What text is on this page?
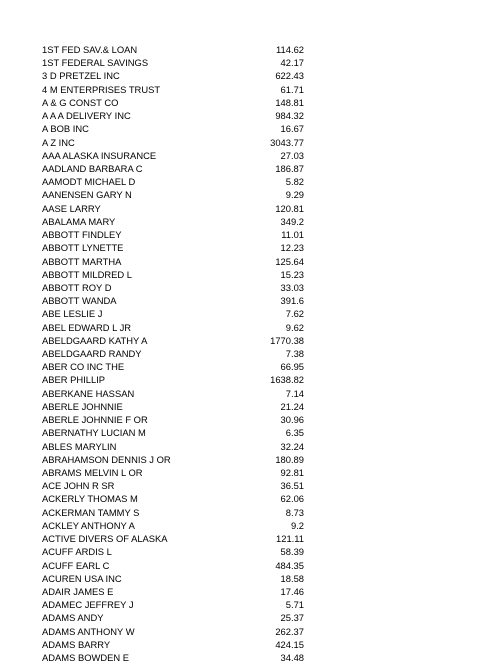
1ST FED SAV.& LOAN	114.62
1ST FEDERAL SAVINGS	42.17
3 D PRETZEL INC	622.43
4 M ENTERPRISES TRUST	61.71
A & G CONST CO	148.81
A A A DELIVERY INC	984.32
A BOB INC	16.67
A Z INC	3043.77
AAA ALASKA INSURANCE	27.03
AADLAND BARBARA C	186.87
AAMODT MICHAEL D	5.82
AANENSEN GARY N	9.29
AASE LARRY	120.81
ABALAMA MARY	349.2
ABBOTT FINDLEY	11.01
ABBOTT LYNETTE	12.23
ABBOTT MARTHA	125.64
ABBOTT MILDRED L	15.23
ABBOTT ROY D	33.03
ABBOTT WANDA	391.6
ABE LESLIE J	7.62
ABEL EDWARD L JR	9.62
ABELDGAARD KATHY A	1770.38
ABELDGAARD RANDY	7.38
ABER CO INC THE	66.95
ABER PHILLIP	1638.82
ABERKANE HASSAN	7.14
ABERLE JOHNNIE	21.24
ABERLE JOHNNIE F OR	30.96
ABERNATHY LUCIAN M	6.35
ABLES MARYLIN	32.24
ABRAHAMSON DENNIS J OR	180.89
ABRAMS MELVIN L OR	92.81
ACE JOHN R SR	36.51
ACKERLY THOMAS M	62.06
ACKERMAN TAMMY S	8.73
ACKLEY ANTHONY A	9.2
ACTIVE DIVERS OF ALASKA	121.11
ACUFF ARDIS L	58.39
ACUFF EARL C	484.35
ACUREN USA INC	18.58
ADAIR JAMES E	17.46
ADAMEC JEFFREY J	5.71
ADAMS ANDY	25.37
ADAMS ANTHONY W	262.37
ADAMS BARRY	424.15
ADAMS BOWDEN E	34.48
